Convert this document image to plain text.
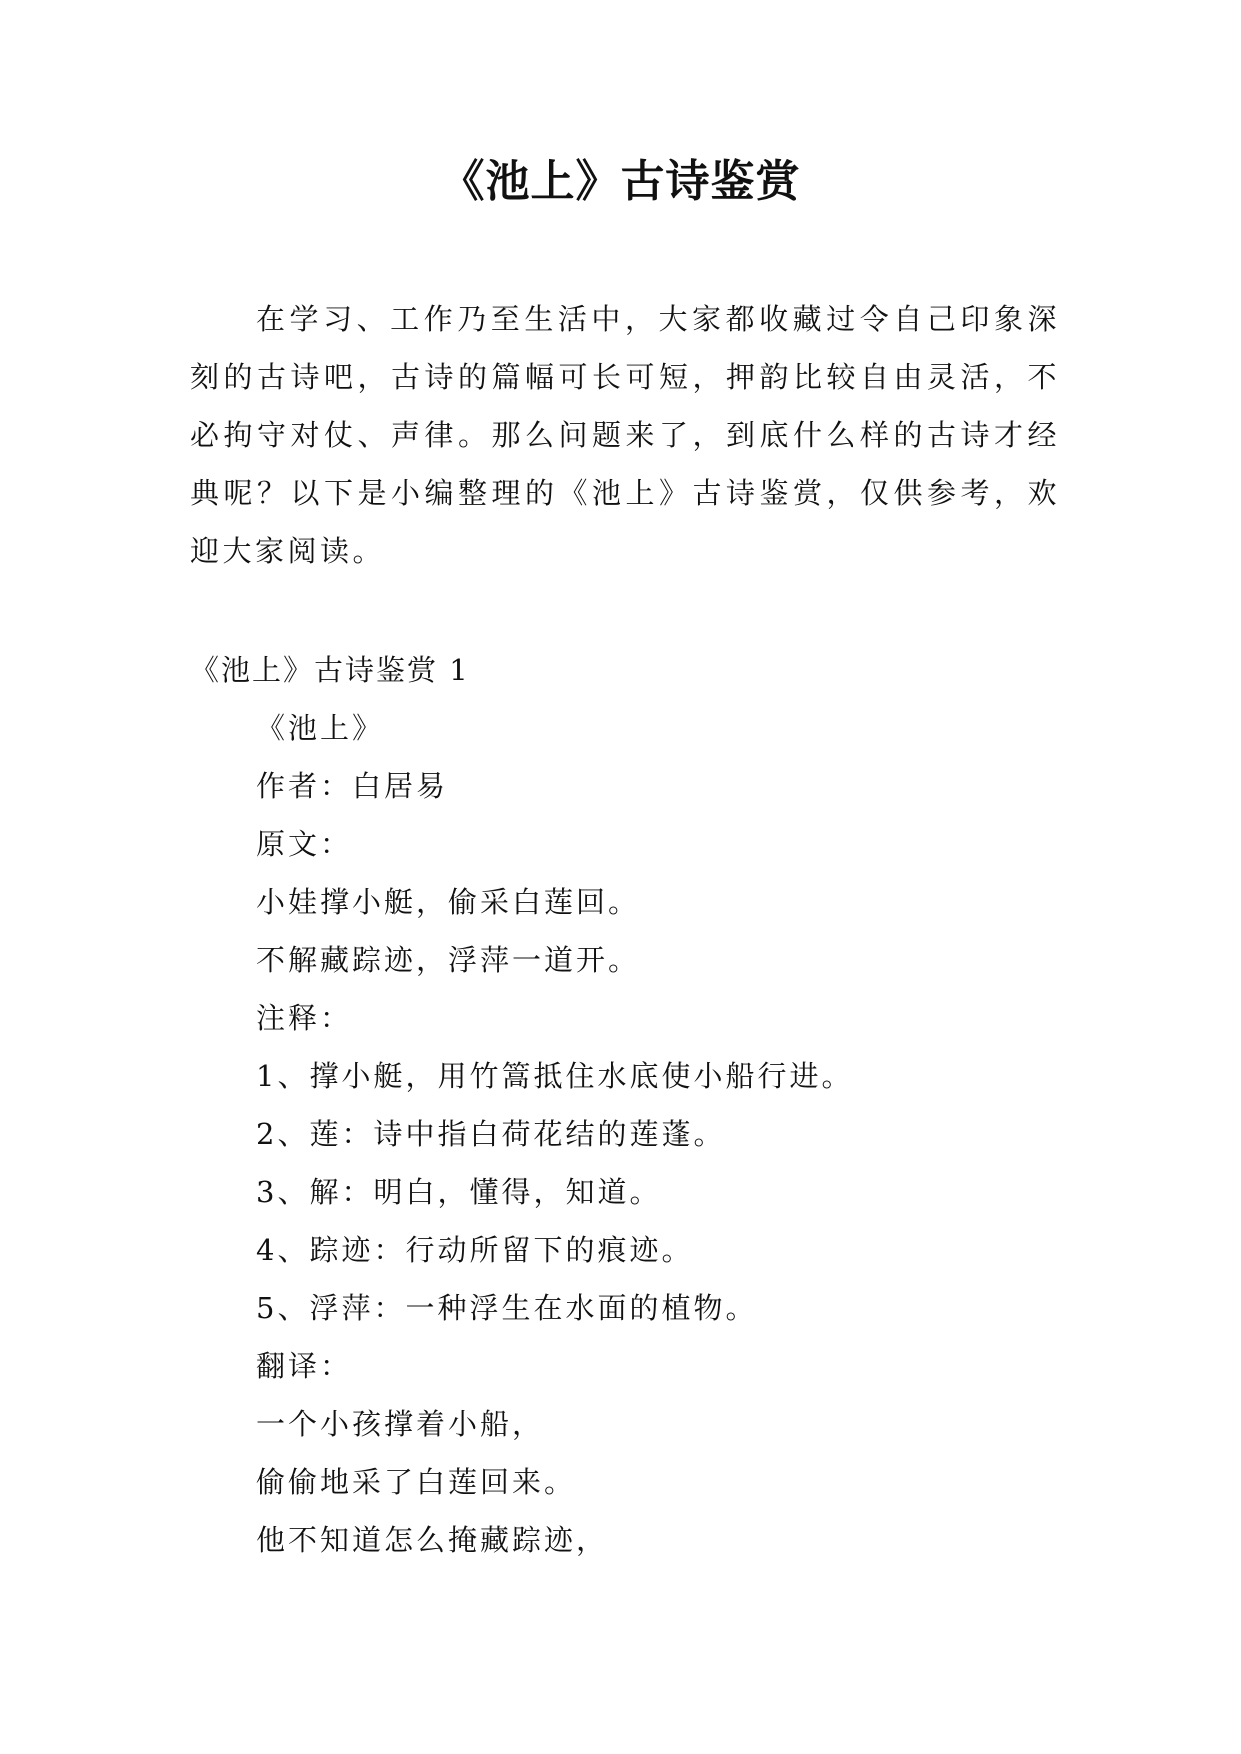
《池上》古诗鉴赏

在学习、工作乃至生活中，大家都收藏过令自己印象深刻的古诗吧，古诗的篇幅可长可短，押韵比较自由灵活，不必拘守对仗、声律。那么问题来了，到底什么样的古诗才经典呢？以下是小编整理的《池上》古诗鉴赏，仅供参考，欢迎大家阅读。

《池上》古诗鉴赏 1
《池上》
作者：白居易
原文：
小娃撑小艇，偷采白莲回。
不解藏踪迹，浮萍一道开。
注释：
1、撑小艇，用竹篙抵住水底使小船行进。
2、莲：诗中指白荷花结的莲蓬。
3、解：明白，懂得，知道。
4、踪迹：行动所留下的痕迹。
5、浮萍：一种浮生在水面的植物。
翻译：
一个小孩撑着小船，
偷偷地采了白莲回来。
他不知道怎么掩藏踪迹，
